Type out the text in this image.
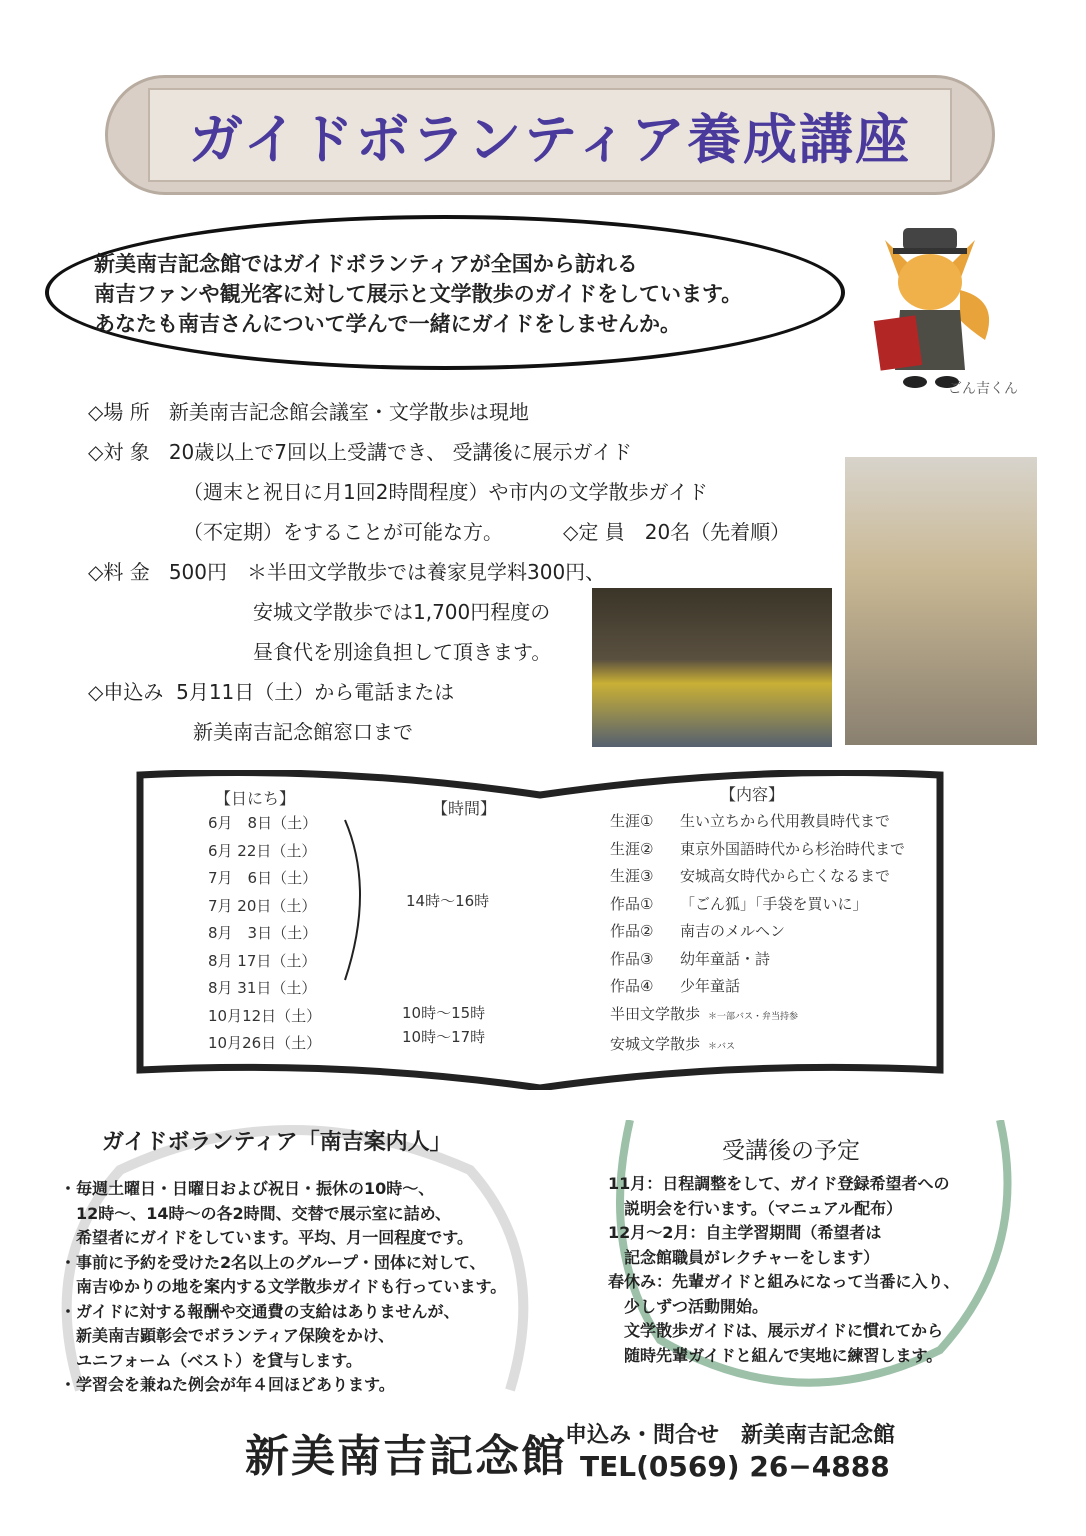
ガイドボランティア養成講座
新美南吉記念館ではガイドボランティアが全国から訪れる
南吉ファンや観光客に対して展示と文学散歩のガイドをしています。
あなたも南吉さんについて学んで一緒にガイドをしませんか。
ごん吉くん
◇場 所 新美南吉記念館会議室・文学散歩は現地
◇対 象 20歳以上で7回以上受講でき、 受講後に展示ガイド
（週末と祝日に月1回2時間程度）や市内の文学散歩ガイド
（不定期）をすることが可能な方。	◇定 員　20名（先着順）
◇料 金 500円　＊半田文学散歩では養家見学料300円、
安城文学散歩では1,700円程度の
昼食代を別途負担して頂きます。
◇申込み 5月11日（土）から電話または
新美南吉記念館窓口まで
【日にち】
【時間】
【内容】
6月　8日（土）
6月 22日（土）
7月　6日（土）
7月 20日（土）
8月　3日（土）
8月 17日（土）
8月 31日（土）
10月12日（土）
10月26日（土）
14時～16時
10時～15時
10時～17時
生涯① 生い立ちから代用教員時代まで
生涯② 東京外国語時代から杉治時代まで
生涯③ 安城高女時代から亡くなるまで
作品① 「ごん狐」「手袋を買いに」
作品② 南吉のメルヘン
作品③ 幼年童話・詩
作品④ 少年童話
半田文学散歩 ＊一部バス・弁当持参
安城文学散歩 ＊バス
ガイドボランティア「南吉案内人」
・毎週土曜日・日曜日および祝日・振休の10時～、
　12時～、14時～の各2時間、交替で展示室に詰め、
　希望者にガイドをしています。平均、月一回程度です。
・事前に予約を受けた2名以上のグループ・団体に対して、
　南吉ゆかりの地を案内する文学散歩ガイドも行っています。
・ガイドに対する報酬や交通費の支給はありませんが、
　新美南吉顕彰会でボランティア保険をかけ、
　ユニフォーム（ベスト）を貸与します。
・学習会を兼ねた例会が年４回ほどあります。
受講後の予定
11月：日程調整をして、ガイド登録希望者への
　説明会を行います。（マニュアル配布）
12月～2月：自主学習期間（希望者は
　記念館職員がレクチャーをします）
春休み：先輩ガイドと組みになって当番に入り、
　少しずつ活動開始。
　文学散歩ガイドは、展示ガイドに慣れてから
　随時先輩ガイドと組んで実地に練習します。
新美南吉記念館
申込み・問合せ　新美南吉記念館
TEL(0569) 26−4888
